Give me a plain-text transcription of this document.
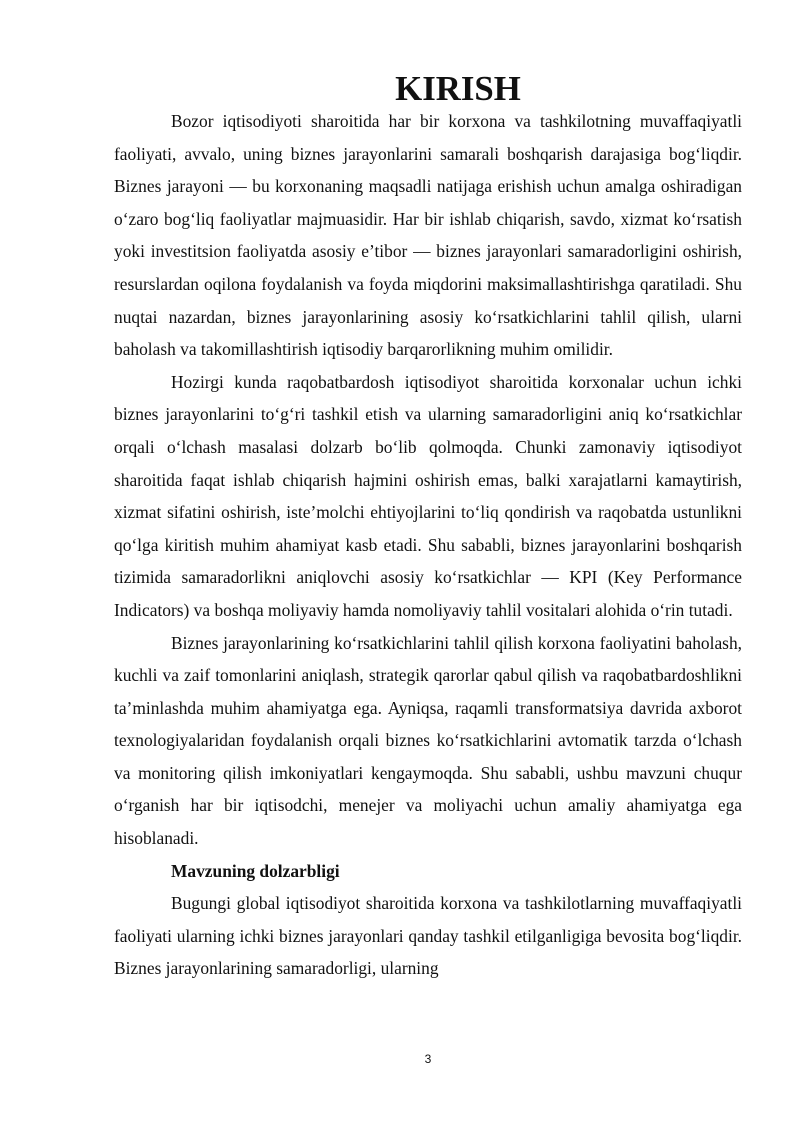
KIRISH

Bozor iqtisodiyoti sharoitida har bir korxona va tashkilotning muvaffaqiyatli faoliyati, avvalo, uning biznes jarayonlarini samarali boshqarish darajasiga bog‘liqdir. Biznes jarayoni — bu korxonaning maqsadli natijaga erishish uchun amalga oshiradigan o‘zaro bog‘liq faoliyatlar majmuasidir. Har bir ishlab chiqarish, savdo, xizmat ko‘rsatish yoki investitsion faoliyatda asosiy e’tibor — biznes jarayonlari samaradorligini oshirish, resurslardan oqilona foydalanish va foyda miqdorini maksimallashtirishga qaratiladi. Shu nuqtai nazardan, biznes jarayonlarining asosiy ko‘rsatkichlarini tahlil qilish, ularni baholash va takomillashtirish iqtisodiy barqarorlikning muhim omilidir.

Hozirgi kunda raqobatbardosh iqtisodiyot sharoitida korxonalar uchun ichki biznes jarayonlarini to‘g‘ri tashkil etish va ularning samaradorligini aniq ko‘rsatkichlar orqali o‘lchash masalasi dolzarb bo‘lib qolmoqda. Chunki zamonaviy iqtisodiyot sharoitida faqat ishlab chiqarish hajmini oshirish emas, balki xarajatlarni kamaytirish, xizmat sifatini oshirish, iste’molchi ehtiyojlarini to‘liq qondirish va raqobatda ustunlikni qo‘lga kiritish muhim ahamiyat kasb etadi. Shu sababli, biznes jarayonlarini boshqarish tizimida samaradorlikni aniqlovchi asosiy ko‘rsatkichlar — KPI (Key Performance Indicators) va boshqa moliyaviy hamda nomoliyaviy tahlil vositalari alohida o‘rin tutadi.

Biznes jarayonlarining ko‘rsatkichlarini tahlil qilish korxona faoliyatini baholash, kuchli va zaif tomonlarini aniqlash, strategik qarorlar qabul qilish va raqobatbardoshlikni ta’minlashda muhim ahamiyatga ega. Ayniqsa, raqamli transformatsiya davrida axborot texnologiyalaridan foydalanish orqali biznes ko‘rsatkichlarini avtomatik tarzda o‘lchash va monitoring qilish imkoniyatlari kengaymoqda. Shu sababli, ushbu mavzuni chuqur o‘rganish har bir iqtisodchi, menejer va moliyachi uchun amaliy ahamiyatga ega hisoblanadi.

Mavzuning dolzarbligi

Bugungi global iqtisodiyot sharoitida korxona va tashkilotlarning muvaffaqiyatli faoliyati ularning ichki biznes jarayonlari qanday tashkil etilganligiga bevosita bog‘liqdir. Biznes jarayonlarining samaradorligi, ularning

3
